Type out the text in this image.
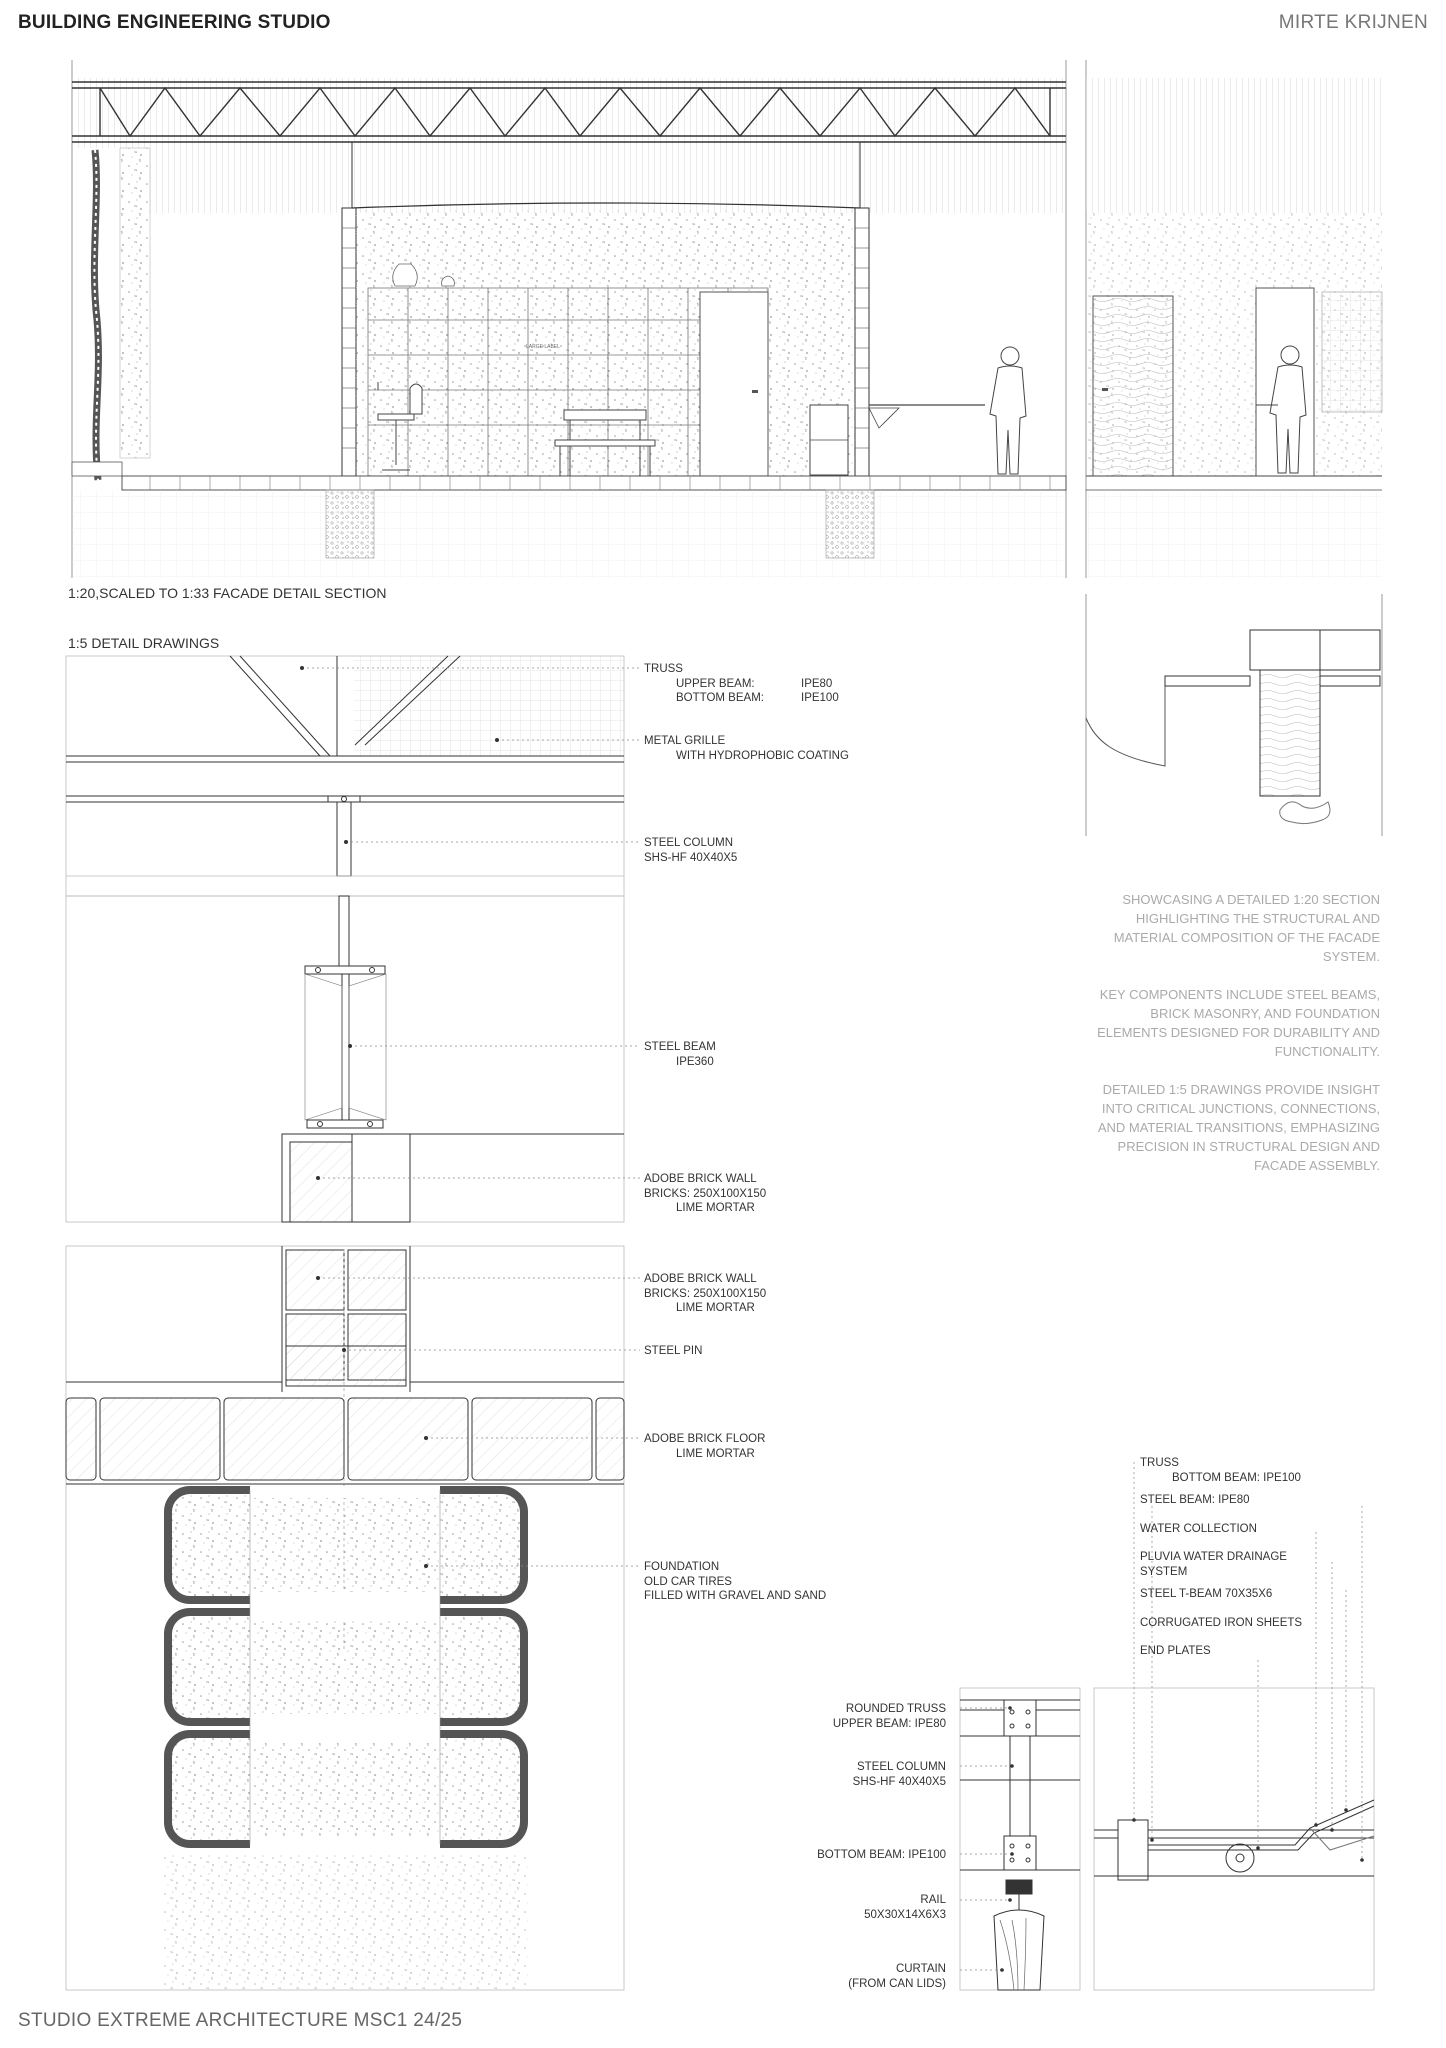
BUILDING ENGINEERING STUDIO	MIRTE KRIJNEN
LARGE LABEL
1:20,SCALED TO 1:33 FACADE DETAIL SECTION
1:5 DETAIL DRAWINGS
TRUSS
UPPER BEAM:	IPE80
BOTTOM BEAM:	IPE100
METAL GRILLE
WITH HYDROPHOBIC COATING
STEEL COLUMN
SHS-HF 40X40X5
STEEL BEAM
IPE360
ADOBE BRICK WALL
BRICKS: 250X100X150
LIME MORTAR
ADOBE BRICK WALL
BRICKS: 250X100X150
LIME MORTAR
STEEL PIN
ADOBE BRICK FLOOR
LIME MORTAR
FOUNDATION
OLD CAR TIRES
FILLED WITH GRAVEL AND SAND

SHOWCASING A DETAILED 1:20 SECTION HIGHLIGHTING THE STRUCTURAL AND MATERIAL COMPOSITION OF THE FACADE SYSTEM.

KEY COMPONENTS INCLUDE STEEL BEAMS, BRICK MASONRY, AND FOUNDATION ELEMENTS DESIGNED FOR DURABILITY AND FUNCTIONALITY.

DETAILED 1:5 DRAWINGS PROVIDE INSIGHT INTO CRITICAL JUNCTIONS, CONNECTIONS, AND MATERIAL TRANSITIONS, EMPHASIZING PRECISION IN STRUCTURAL DESIGN AND FACADE ASSEMBLY.

TRUSS
BOTTOM BEAM: IPE100
STEEL BEAM: IPE80
WATER COLLECTION
PLUVIA WATER DRAINAGE
SYSTEM
STEEL T-BEAM 70X35X6
CORRUGATED IRON SHEETS
END PLATES
ROUNDED TRUSS
UPPER BEAM: IPE80
STEEL COLUMN
SHS-HF 40X40X5
BOTTOM BEAM: IPE100
RAIL
50X30X14X6X3
CURTAIN
(FROM CAN LIDS)
STUDIO EXTREME ARCHITECTURE MSC1 24/25
